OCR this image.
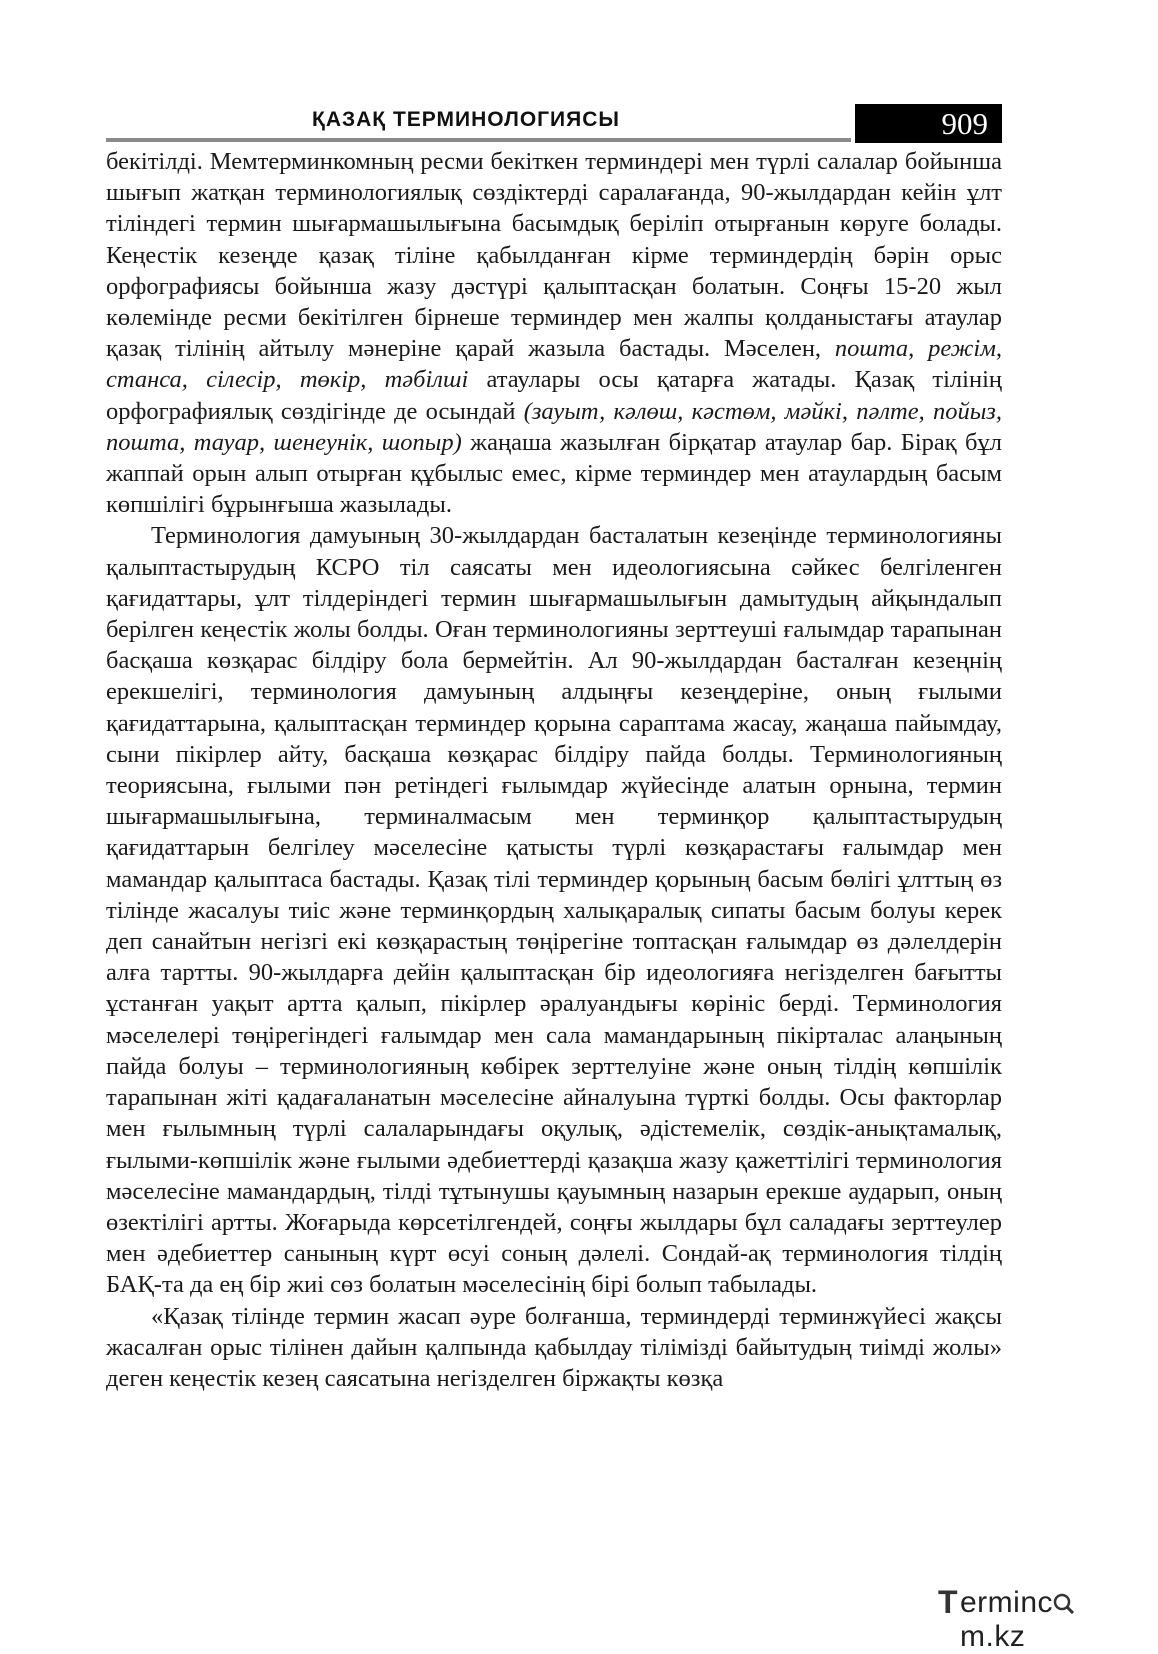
ҚАЗАҚ ТЕРМИНОЛОГИЯСЫ	909

бекітілді. Мемтерминкомның ресми бекіткен терминдері мен түрлі салалар бойынша шығып жатқан терминологиялық сөздіктерді саралағанда, 90-жылдардан кейін ұлт тіліндегі термин шығармашылығына басымдық беріліп отырғанын көруге болады. Кеңестік кезеңде қазақ тіліне қабылданған кірме терминдердің бәрін орыс орфографиясы бойынша жазу дәстүрі қалыптасқан болатын. Соңғы 15-20 жыл көлемінде ресми бекітілген бірнеше терминдер мен жалпы қолданыстағы атаулар қазақ тілінің айтылу мәнеріне қарай жазыла бастады. Мәселен, пошта, режім, станса, сілесір, төкір, тәбілші атаулары осы қатарға жатады. Қазақ тілінің орфографиялық сөздігінде де осындай (зауыт, кәлөш, кәстөм, мәйкі, пәлте, пойыз, пошта, тауар, шенеунік, шопыр) жаңаша жазылған бірқатар атаулар бар. Бірақ бұл жаппай орын алып отырған құбылыс емес, кірме терминдер мен атаулардың басым көпшілігі бұрынғыша жазылады.

Терминология дамуының 30-жылдардан басталатын кезеңінде терминологияны қалыптастырудың КСРО тіл саясаты мен идеологиясына сәйкес белгіленген қағидаттары, ұлт тілдеріндегі термин шығармашылығын дамытудың айқындалып берілген кеңестік жолы болды. Оған терминологияны зерттеуші ғалымдар тарапынан басқаша көзқарас білдіру бола бермейтін. Ал 90-жылдардан басталған кезеңнің ерекшелігі, терминология дамуының алдыңғы кезеңдеріне, оның ғылыми қағидаттарына, қалыптасқан терминдер қорына сараптама жасау, жаңаша пайымдау, сыни пікірлер айту, басқаша көзқарас білдіру пайда болды. Терминологияның теориясына, ғылыми пән ретіндегі ғылымдар жүйесінде алатын орнына, термин шығармашылығына, терминалмасым мен терминқор қалыптастырудың қағидаттарын белгілеу мәселесіне қатысты түрлі көзқарастағы ғалымдар мен мамандар қалыптаса бастады. Қазақ тілі терминдер қорының басым бөлігі ұлттың өз тілінде жасалуы тиіс және терминқордың халықаралық сипаты басым болуы керек деп санайтын негізгі екі көзқарастың төңірегіне топтасқан ғалымдар өз дәлелдерін алға тартты. 90-жылдарға дейін қалыптасқан бір идеологияға негізделген бағытты ұстанған уақыт артта қалып, пікірлер әралуандығы көрініс берді. Терминология мәселелері төңірегіндегі ғалымдар мен сала мамандарының пікірталас алаңының пайда болуы – терминологияның көбірек зерттелуіне және оның тілдің көпшілік тарапынан жіті қадағаланатын мәселесіне айналуына түрткі болды. Осы факторлар мен ғылымның түрлі салаларындағы оқулық, әдістемелік, сөздік-анықтамалық, ғылыми-көпшілік және ғылыми әдебиеттерді қазақша жазу қажеттілігі терминология мәселесіне мамандардың, тілді тұтынушы қауымның назарын ерекше аударып, оның өзектілігі артты. Жоғарыда көрсетілгендей, соңғы жылдары бұл саладағы зерттеулер мен әдебиеттер санының күрт өсуі соның дәлелі. Сондай-ақ терминология тілдің БАҚ-та да ең бір жиі сөз болатын мәселесінің бірі болып табылады.

«Қазақ тілінде термин жасап әуре болғанша, терминдерді терминжүйесі жақсы жасалған орыс тілінен дайын қалпында қабылдау тілімізді байытудың тиімді жолы» деген кеңестік кезең саясатына негізделген біржақты көзқа

T ermincm.kz
